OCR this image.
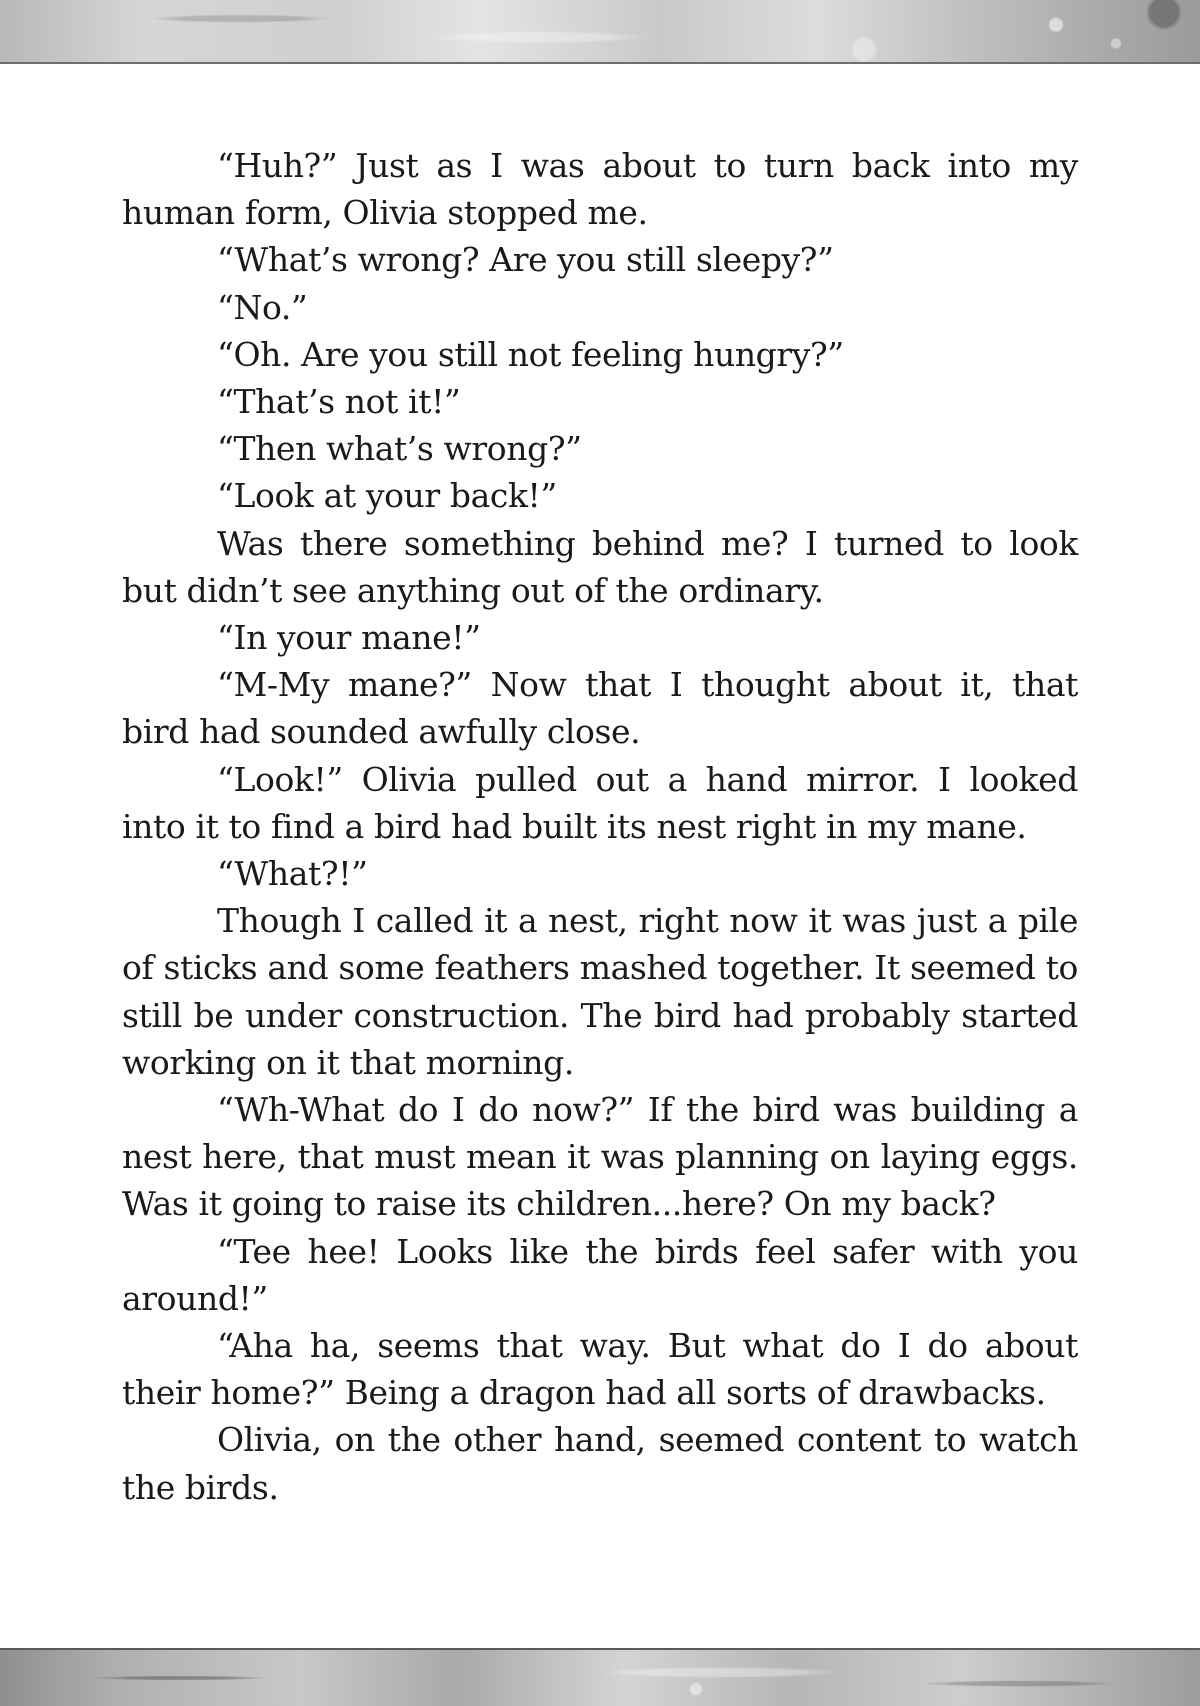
“Huh?” Just as I was about to turn back into my human form, Olivia stopped me.

“What’s wrong? Are you still sleepy?”

“No.”

“Oh. Are you still not feeling hungry?”

“That’s not it!”

“Then what’s wrong?”

“Look at your back!”

Was there something behind me? I turned to look but didn’t see anything out of the ordinary.

“In your mane!”

“M-My mane?” Now that I thought about it, that bird had sounded awfully close.

“Look!” Olivia pulled out a hand mirror. I looked into it to find a bird had built its nest right in my mane.

“What?!”

Though I called it a nest, right now it was just a pile of sticks and some feathers mashed together. It seemed to still be under construction. The bird had probably started working on it that morning.

“Wh-What do I do now?” If the bird was building a nest here, that must mean it was planning on laying eggs. Was it going to raise its children...here? On my back?

“Tee hee! Looks like the birds feel safer with you around!”

“Aha ha, seems that way. But what do I do about their home?” Being a dragon had all sorts of drawbacks.

Olivia, on the other hand, seemed content to watch the birds.
